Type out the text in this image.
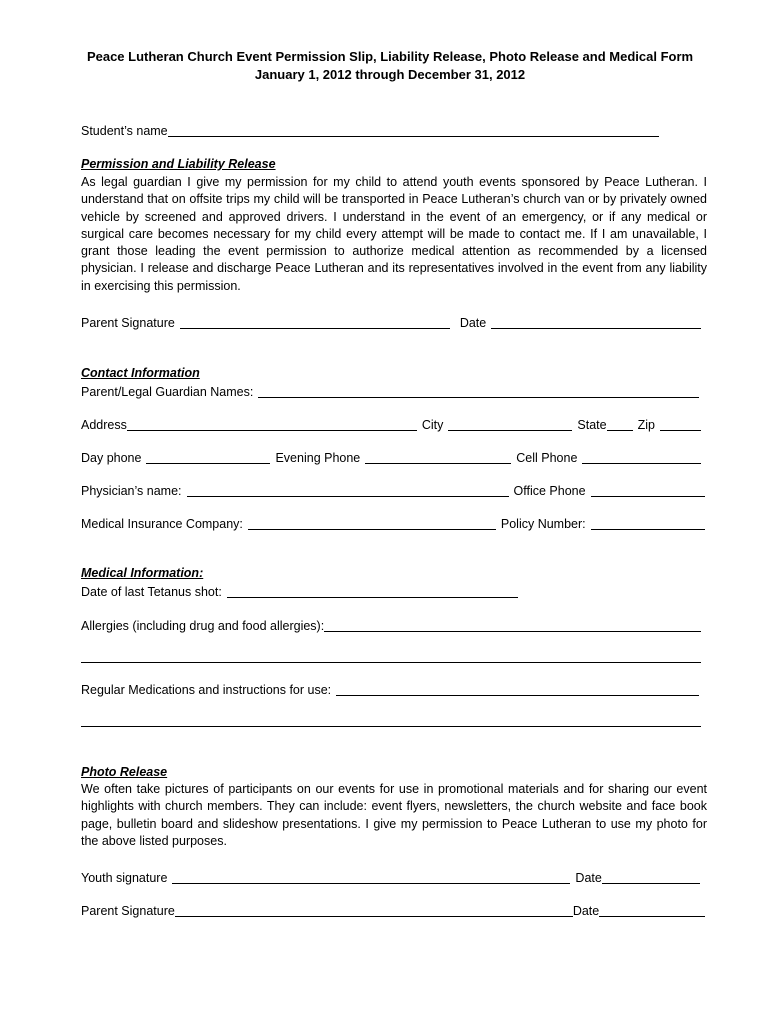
Peace Lutheran Church Event Permission Slip, Liability Release, Photo Release and Medical Form
January 1, 2012 through December 31, 2012
Student’s name
Permission and Liability Release
As legal guardian I give my permission for my child to attend youth events sponsored by Peace Lutheran. I understand that on offsite trips my child will be transported in Peace Lutheran’s church van or by privately owned vehicle by screened and approved drivers. I understand in the event of an emergency, or if any medical or surgical care becomes necessary for my child every attempt will be made to contact me. If I am unavailable, I grant those leading the event permission to authorize medical attention as recommended by a licensed physician. I release and discharge Peace Lutheran and its representatives involved in the event from any liability in exercising this permission.
Parent Signature	Date
Contact Information
Parent/Legal Guardian Names:
Address	City	State Zip
Day phone	Evening Phone	Cell Phone
Physician’s name:	Office Phone
Medical Insurance Company:	Policy Number:
Medical Information:
Date of last Tetanus shot:
Allergies (including drug and food allergies):
Regular Medications and instructions for use:
Photo Release
We often take pictures of participants on our events for use in promotional materials and for sharing our event highlights with church members. They can include: event flyers, newsletters, the church website and face book page, bulletin board and slideshow presentations. I give my permission to Peace Lutheran to use my photo for the above listed purposes.
Youth signature	Date
Parent Signature	Date
